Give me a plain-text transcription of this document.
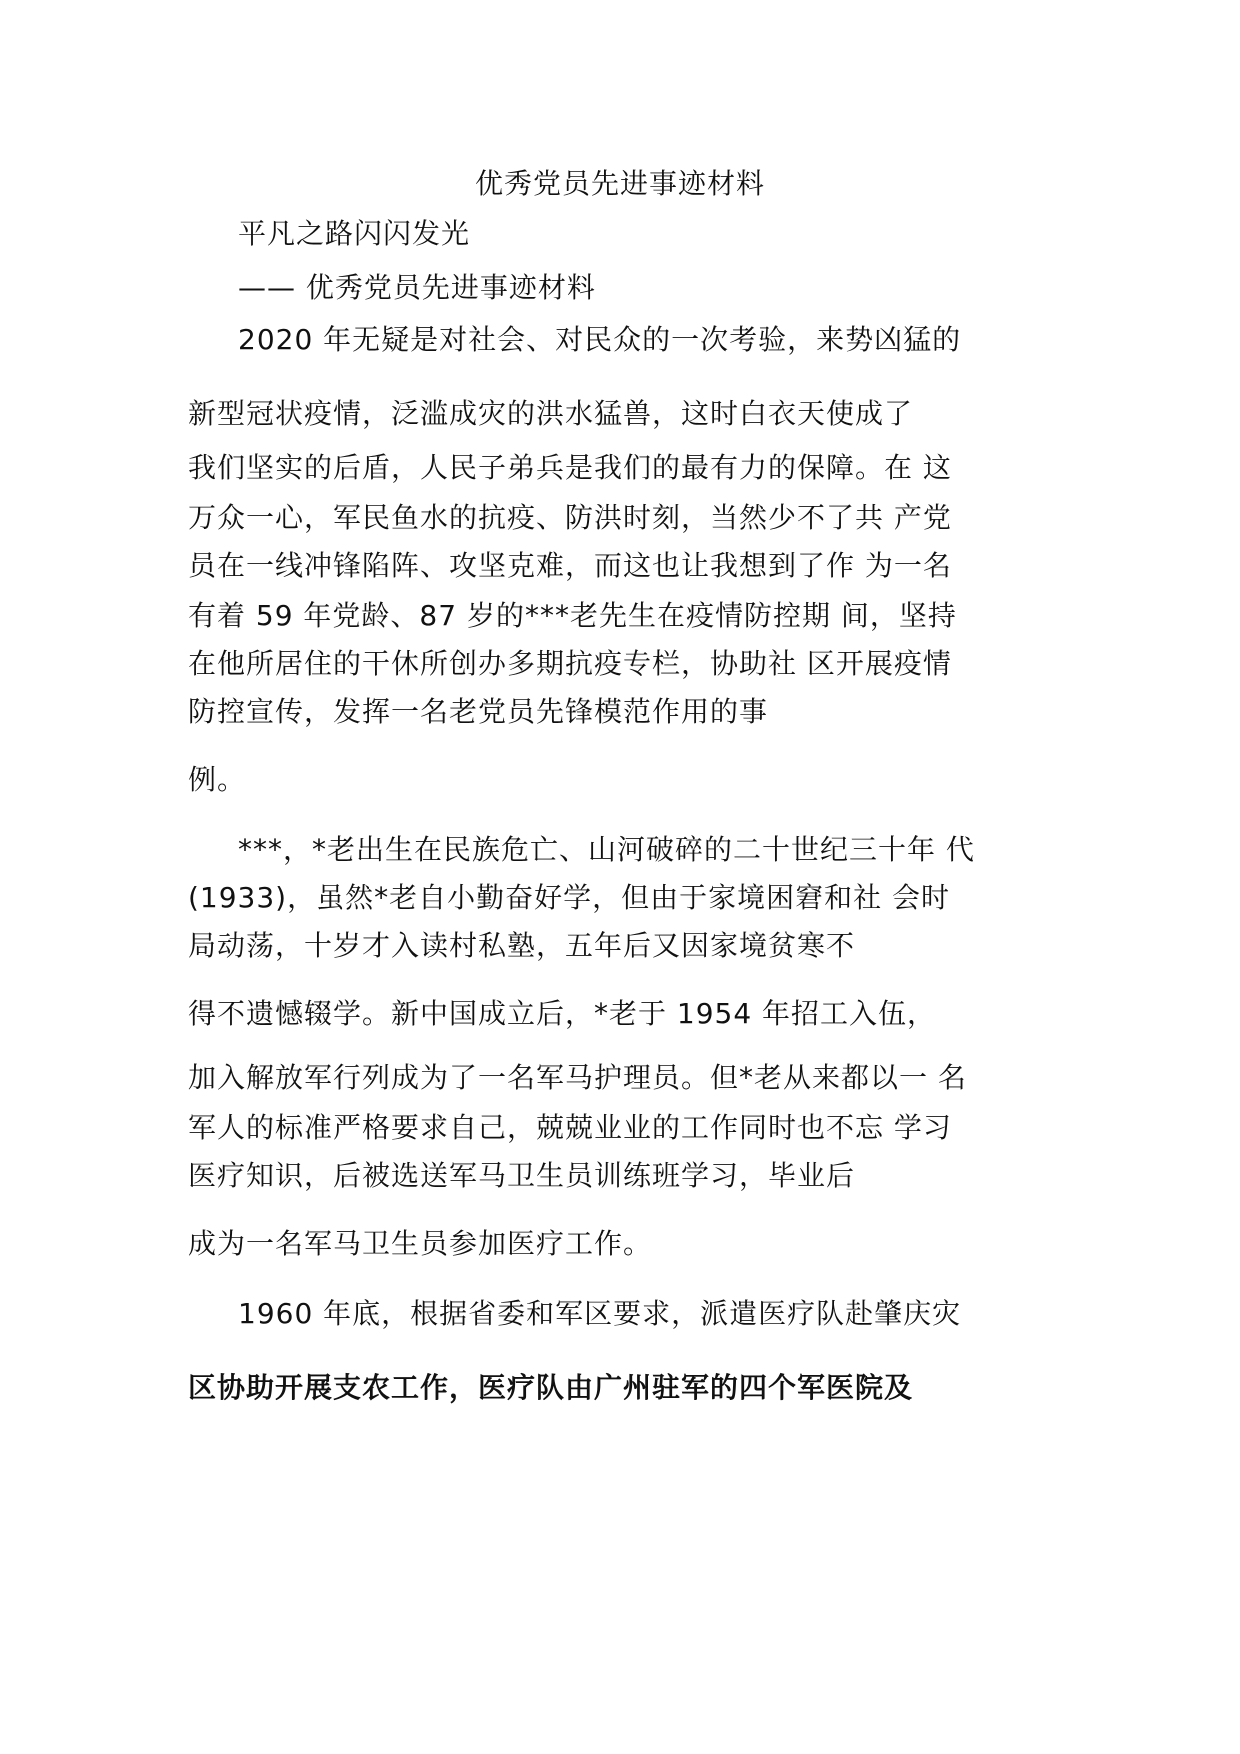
优秀党员先进事迹材料
平凡之路闪闪发光
—— 优秀党员先进事迹材料
2020 年无疑是对社会、对民众的一次考验，来势凶猛的
新型冠状疫情，泛滥成灾的洪水猛兽，这时白衣天使成了
我们坚实的后盾，人民子弟兵是我们的最有力的保障。在 这
万众一心，军民鱼水的抗疫、防洪时刻，当然少不了共 产党
员在一线冲锋陷阵、攻坚克难，而这也让我想到了作 为一名
有着 59 年党龄、87 岁的***老先生在疫情防控期 间，坚持
在他所居住的干休所创办多期抗疫专栏，协助社 区开展疫情
防控宣传，发挥一名老党员先锋模范作用的事
例。
***，*老出生在民族危亡、山河破碎的二十世纪三十年 代
(1933)，虽然*老自小勤奋好学，但由于家境困窘和社 会时
局动荡，十岁才入读村私塾，五年后又因家境贫寒不
得不遗憾辍学。新中国成立后，*老于 1954 年招工入伍，
加入解放军行列成为了一名军马护理员。但*老从来都以一 名
军人的标准严格要求自己，兢兢业业的工作同时也不忘 学习
医疗知识，后被选送军马卫生员训练班学习，毕业后
成为一名军马卫生员参加医疗工作。
1960 年底，根据省委和军区要求，派遣医疗队赴肇庆灾
区协助开展支农工作，医疗队由广州驻军的四个军医院及
